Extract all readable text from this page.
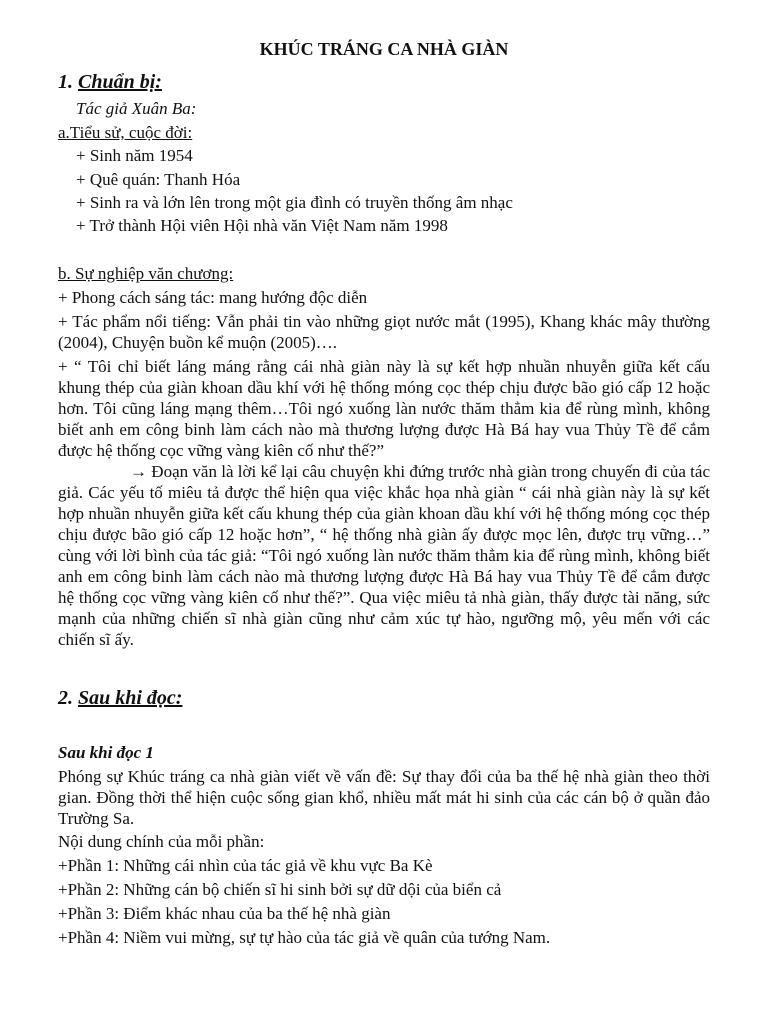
KHÚC TRÁNG CA NHÀ GIÀN
1. Chuẩn bị:
Tác giả Xuân Ba:
a.Tiểu sử, cuộc đời:
+ Sinh năm 1954
+ Quê quán: Thanh Hóa
+ Sinh ra và lớn lên trong một gia đình có truyền thống âm nhạc
+ Trở thành Hội viên Hội nhà văn Việt Nam năm 1998
b. Sự nghiệp văn chương:
+ Phong cách sáng tác: mang hướng độc diễn
+ Tác phẩm nổi tiếng: Vẫn phải tin vào những giọt nước mắt (1995), Khang khác mây thường (2004), Chuyện buồn kể muộn (2005)….
+ “ Tôi chỉ biết láng máng rằng cái nhà giàn này là sự kết hợp nhuần nhuyễn giữa kết cấu khung thép của giàn khoan dầu khí với hệ thống móng cọc thép chịu được bão gió cấp 12 hoặc hơn. Tôi cũng láng mạng thêm…Tôi ngó xuống làn nước thăm thẳm kia để rùng mình, không biết anh em công binh làm cách nào mà thương lượng được Hà Bá hay vua Thủy Tề để cắm được hệ thống cọc vững vàng kiên cố như thế?”
→ Đoạn văn là lời kể lại câu chuyện khi đứng trước nhà giàn trong chuyến đi của tác giả. Các yếu tố miêu tả được thể hiện qua việc khắc họa nhà giàn “ cái nhà giàn này là sự kết hợp nhuần nhuyễn giữa kết cấu khung thép của giàn khoan dầu khí với hệ thống móng cọc thép chịu được bão gió cấp 12 hoặc hơn”, “ hệ thống nhà giàn ấy được mọc lên, được trụ vững…” cùng với lời bình của tác giả: “Tôi ngó xuống làn nước thăm thẳm kia để rùng mình, không biết anh em công binh làm cách nào mà thương lượng được Hà Bá hay vua Thủy Tề để cắm được hệ thống cọc vững vàng kiên cố như thế?”. Qua việc miêu tả nhà giàn, thấy được tài năng, sức mạnh của những chiến sĩ nhà giàn cũng như cảm xúc tự hào, ngưỡng mộ, yêu mến với các chiến sĩ ấy.
2. Sau khi đọc:
Sau khi đọc 1
Phóng sự Khúc tráng ca nhà giàn viết về vấn đề: Sự thay đổi của ba thế hệ nhà giàn theo thời gian. Đồng thời thể hiện cuộc sống gian khổ, nhiều mất mát hi sinh của các cán bộ ở quần đảo Trường Sa.
Nội dung chính của mỗi phần:
+Phần 1: Những cái nhìn của tác giả về khu vực Ba Kè
+Phần 2: Những cán bộ chiến sĩ hi sinh bởi sự dữ dội của biển cả
+Phần 3: Điểm khác nhau của ba thế hệ nhà giàn
+Phần 4: Niềm vui mừng, sự tự hào của tác giả về quân của tướng Nam.
